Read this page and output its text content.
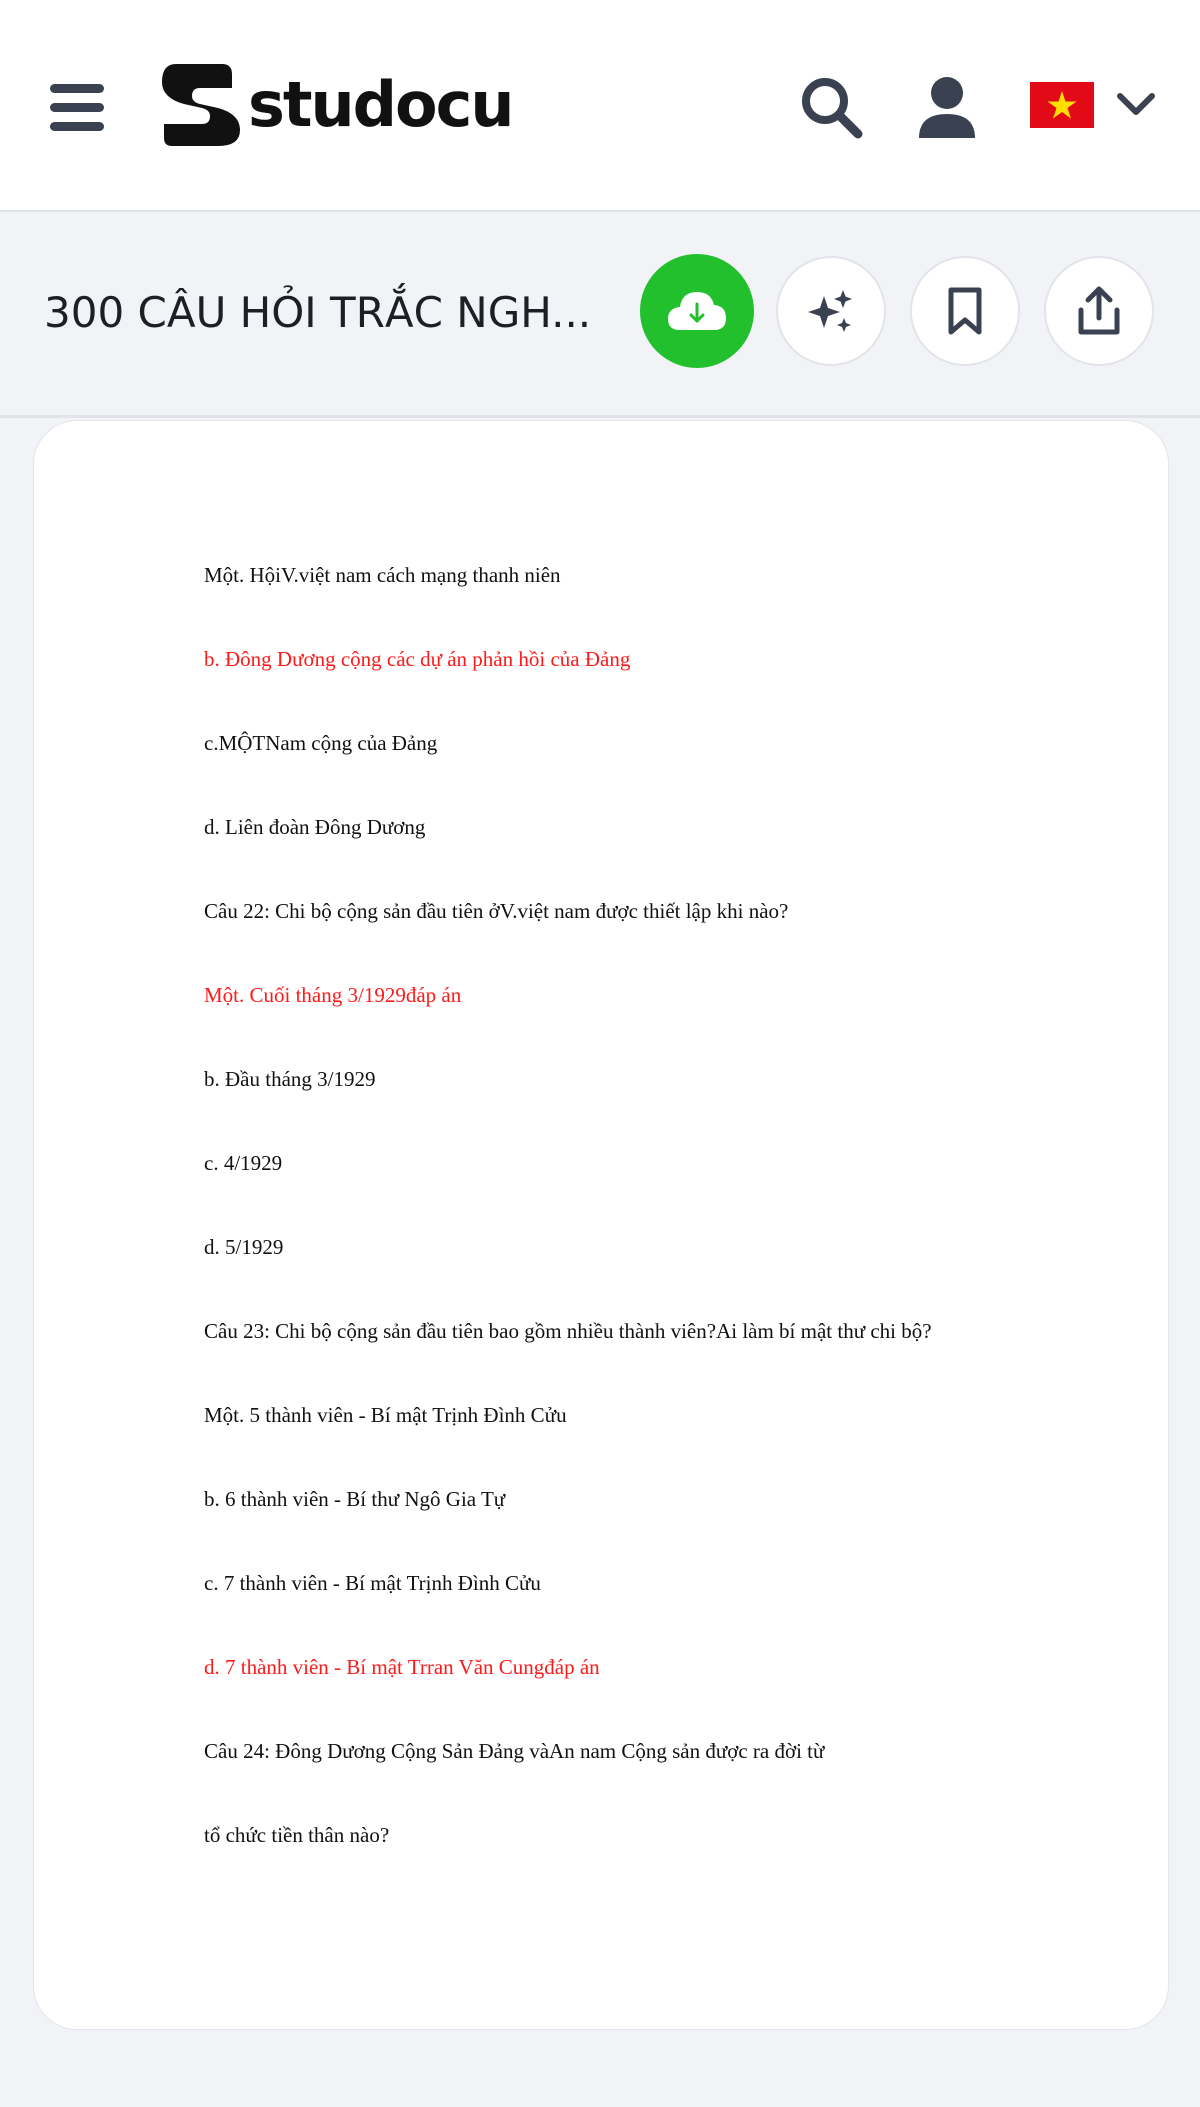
studocu
300 CÂU HỎI TRẮC NGH...
Một. HộiV.việt nam cách mạng thanh niên
b. Đông Dương cộng các dự án phản hồi của Đảng
c.MỘTNam cộng của Đảng
d. Liên đoàn Đông Dương
Câu 22: Chi bộ cộng sản đầu tiên ởV.việt nam được thiết lập khi nào?
Một. Cuối tháng 3/1929đáp án
b. Đầu tháng 3/1929
c. 4/1929
d. 5/1929
Câu 23: Chi bộ cộng sản đầu tiên bao gồm nhiều thành viên?Ai làm bí mật thư chi bộ?
Một. 5 thành viên - Bí mật Trịnh Đình Cửu
b. 6 thành viên - Bí thư Ngô Gia Tự
c. 7 thành viên - Bí mật Trịnh Đình Cửu
d. 7 thành viên - Bí mật Trran Văn Cungđáp án
Câu 24: Đông Dương Cộng Sản Đảng vàAn nam Cộng sản được ra đời từ
tổ chức tiền thân nào?
